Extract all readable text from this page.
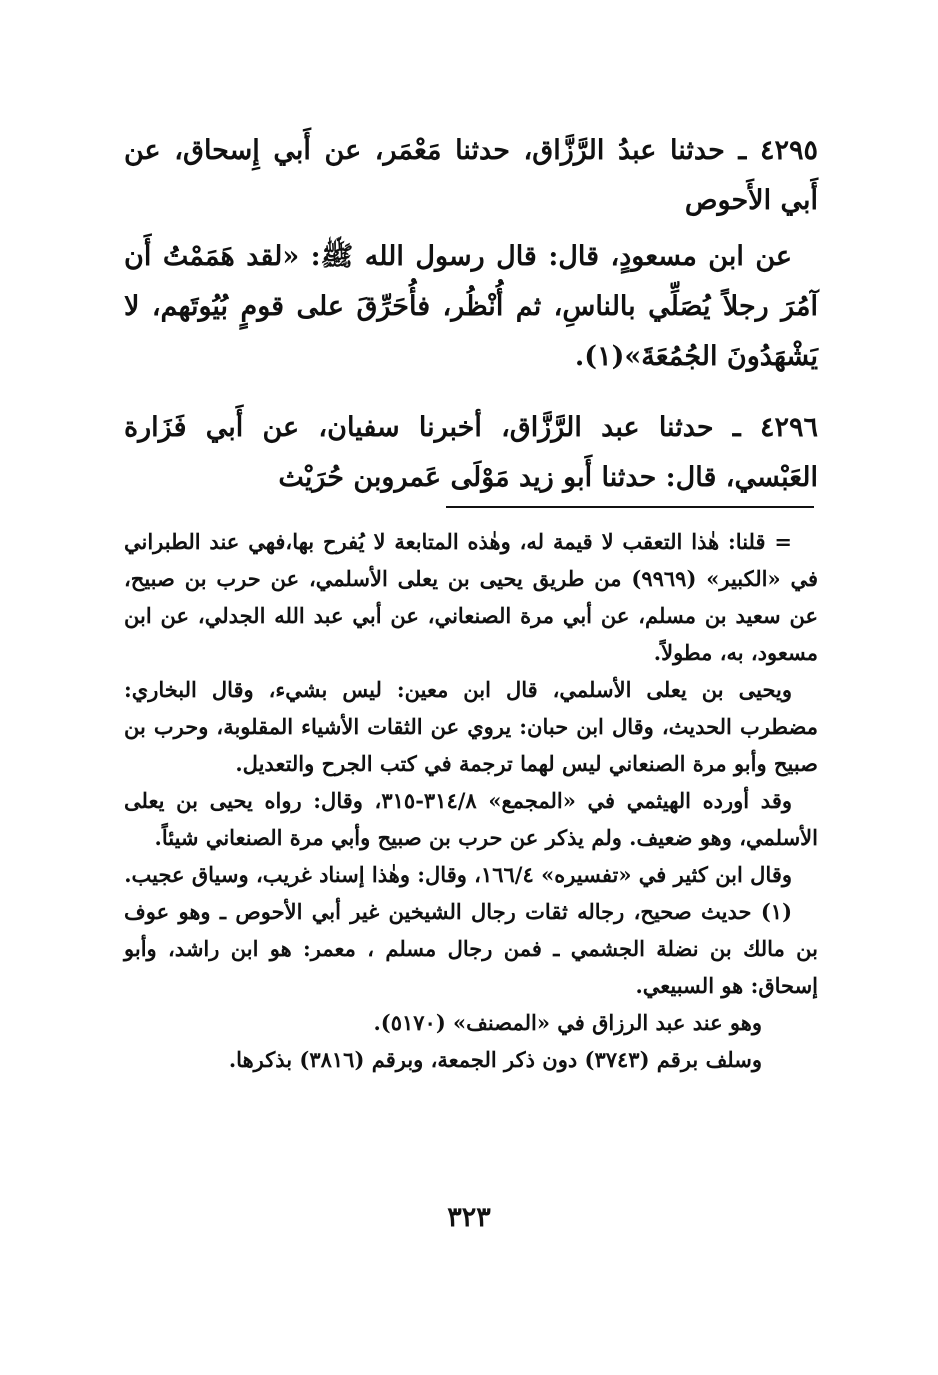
٤٢٩٥ ـ حدثنا عبدُ الرَّزَّاق، حدثنا مَعْمَر، عن أَبي إِسحاق، عن أَبي الأَحوص

عن ابن مسعودٍ، قال: قال رسول الله ﷺ: «لقد هَمَمْتُ أَن آمُرَ رجلاً يُصَلِّي بالناسِ، ثم أُنْظُر، فأُحَرِّقَ على قومٍ بُيُوتَهم، لا يَشْهَدُونَ الجُمُعَةَ»(١).

٤٢٩٦ ـ حدثنا عبد الرَّزَّاق، أخبرنا سفيان، عن أَبي فَزَارة العَبْسي، قال: حدثنا أَبو زيد مَوْلَى عَمروبن حُرَيْث

= قلنا: هٰذا التعقب لا قيمة له، وهٰذه المتابعة لا يُفرح بها،فهي عند الطبراني في «الكبير» (٩٩٦٩) من طريق يحيى بن يعلى الأسلمي، عن حرب بن صبيح، عن سعيد بن مسلم، عن أبي مرة الصنعاني، عن أبي عبد الله الجدلي، عن ابن مسعود، به، مطولاً.

ويحيى بن يعلى الأسلمي، قال ابن معين: ليس بشيء، وقال البخاري: مضطرب الحديث، وقال ابن حبان: يروي عن الثقات الأشياء المقلوبة، وحرب بن صبيح وأبو مرة الصنعاني ليس لهما ترجمة في كتب الجرح والتعديل.

وقد أورده الهيثمي في «المجمع» ٣١٤/٨-٣١٥، وقال: رواه يحيى بن يعلى الأسلمي، وهو ضعيف. ولم يذكر عن حرب بن صبيح وأبي مرة الصنعاني شيئاً.

وقال ابن كثير في «تفسيره» ١٦٦/٤، وقال: وهٰذا إسناد غريب، وسياق عجيب.

(١) حديث صحيح، رجاله ثقات رجال الشيخين غير أبي الأحوص ـ وهو عوف بن مالك بن نضلة الجشمي ـ فمن رجال مسلم ، معمر: هو ابن راشد، وأبو إسحاق: هو السبيعي.

وهو عند عبد الرزاق في «المصنف» (٥١٧٠).

وسلف برقم (٣٧٤٣) دون ذكر الجمعة، وبرقم (٣٨١٦) بذكرها.

٣٢٣
